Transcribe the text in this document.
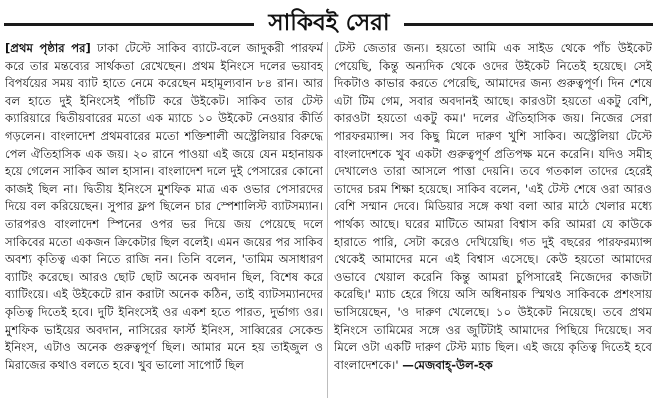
সাকিবই সেরা

[প্রথম পৃষ্ঠার পর] ঢাকা টেস্টে সাকিব ব্যাটে-বলে জাদুকরী পারফর্ম করে তার মন্তব্যের সার্থকতা রেখেছেন। প্রথম ইনিংসে দলের ভয়াবহ বিপর্যয়ের সময় ব্যাট হাতে নেমে করেছেন মহামূল্যবান ৮৪ রান। আর বল হাতে দুই ইনিংসেই পাঁচটি করে উইকেট। সাকিব তার টেস্ট ক্যারিয়ারে দ্বিতীয়বারের মতো এক ম্যাচে ১০ উইকেট নেওয়ার কীর্তি গড়লেন। বাংলাদেশ প্রথমবারের মতো শক্তিশালী অস্ট্রেলিয়ার বিরুদ্ধে পেল ঐতিহাসিক এক জয়। ২০ রানে পাওয়া এই জয়ে যেন মহানায়ক হয়ে গেলেন সাকিব আল হাসান। বাংলাদেশ দলে দুই পেসারের কোনো কাজই ছিল না। দ্বিতীয় ইনিংসে মুশফিক মাত্র এক ওভার পেসারদের দিয়ে বল করিয়েছেন। সুপার ফ্লপ ছিলেন চার স্পেশালিস্ট ব্যাটসম্যান। তারপরও বাংলাদেশ স্পিনের ওপর ভর দিয়ে জয় পেয়েছে দলে সাকিবের মতো একজন ক্রিকেটার ছিল বলেই। এমন জয়ের পর সাকিব অবশ্য কৃতিত্ব একা নিতে রাজি নন। তিনি বলেন, 'তামিম অসাধারণ ব্যাটিং করেছে। আরও ছোট ছোট অনেক অবদান ছিল, বিশেষ করে ব্যাটিংয়ে। এই উইকেটে রান করাটা অনেক কঠিন, তাই ব্যাটসম্যানদের কৃতিত্ব দিতেই হবে। দুটি ইনিংসেই ওর একশ হতে পারত, দুর্ভাগ্য ওর। মুশফিক ভাইয়ের অবদান, নাসিরের ফার্স্ট ইনিংস, সাব্বিরের সেকেন্ড ইনিংস, এটাও অনেক গুরুত্বপূর্ণ ছিল। আমার মনে হয় তাইজুল ও মিরাজের কথাও বলতে হবে। খুব ভালো সাপোর্ট ছিল

টেস্ট জেতার জন্য। হয়তো আমি এক সাইড থেকে পাঁচ উইকেট পেয়েছি, কিন্তু অন্যদিক থেকে ওদের উইকেট নিতেই হয়েছে। সেই দিকটাও কাভার করতে পেরেছি, আমাদের জন্য গুরুত্বপূর্ণ। দিন শেষে এটা টিম গেম, সবার অবদানই আছে। কারওটা হয়তো একটু বেশি, কারওটা হয়তো একটু কম।' দলের ঐতিহাসিক জয়। নিজের সেরা পারফরম্যান্স। সব কিছু মিলে দারুণ খুশি সাকিব। অস্ট্রেলিয়া টেস্টে বাংলাদেশকে খুব একটা গুরুত্বপূর্ণ প্রতিপক্ষ মনে করেনি। যদিও সমীহ দেখালেও তারা আসলে পাত্তা দেয়নি। তবে গতকাল তাদের হেরেই তাদের চরম শিক্ষা হয়েছে। সাকিব বলেন, 'এই টেস্ট শেষে ওরা আরও বেশি সম্মান দেবে। মিডিয়ার সঙ্গে কথা বলা আর মাঠে খেলার মধ্যে পার্থক্য আছে। ঘরের মাটিতে আমরা বিশ্বাস করি আমরা যে কাউকে হারাতে পারি, সেটা করেও দেখিয়েছি। গত দুই বছরের পারফরম্যান্স থেকেই আমাদের মনে এই বিশ্বাস এসেছে। কেউ হয়তো আমাদের ওভাবে খেয়াল করেনি কিন্তু আমরা চুপিসারেই নিজেদের কাজটা করেছি।' ম্যাচ হেরে গিয়ে অসি অধিনায়ক স্মিথও সাকিবকে প্রশংসায় ভাসিয়েছেন, 'ও দারুণ খেলেছে। ১০ উইকেট নিয়েছে। তবে প্রথম ইনিংসে তামিমের সঙ্গে ওর জুটিটাই আমাদের পিছিয়ে দিয়েছে। সব মিলে ওটা একটি দারুণ টেস্ট ম্যাচ ছিল। এই জয়ে কৃতিত্ব দিতেই হবে বাংলাদেশকে।' —মেজবাহ্-উল-হক
